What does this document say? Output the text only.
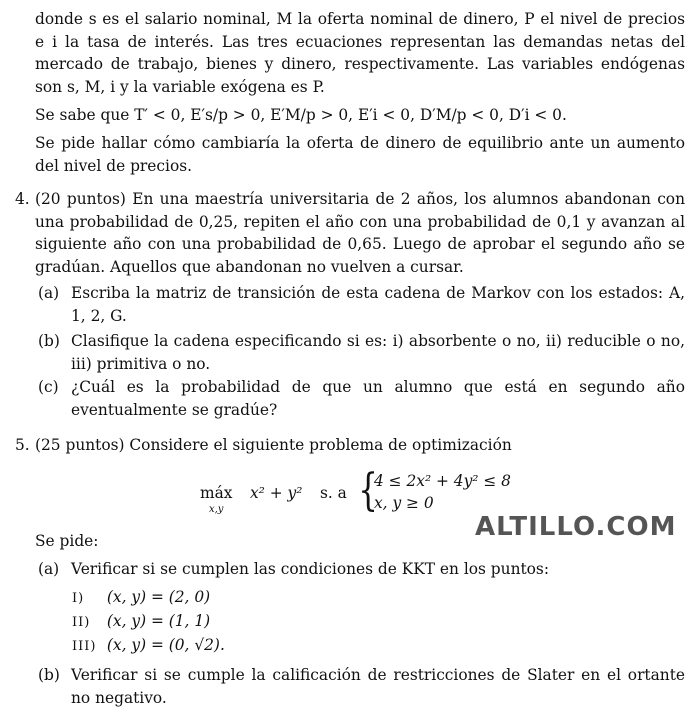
donde s es el salario nominal, M la oferta nominal de dinero, P el nivel de precios e i la tasa de interés. Las tres ecuaciones representan las demandas netas del mercado de trabajo, bienes y dinero, respectivamente. Las variables endógenas son s, M, i y la variable exógena es P.
Se sabe que T′ < 0, E′s/p > 0, E′M/p > 0, E′i < 0, D′M/p < 0, D′i < 0.
Se pide hallar cómo cambiaría la oferta de dinero de equilibrio ante un aumento del nivel de precios.
4. (20 puntos) En una maestría universitaria de 2 años, los alumnos abandonan con una probabilidad de 0,25, repiten el año con una probabilidad de 0,1 y avanzan al siguiente año con una probabilidad de 0,65. Luego de aprobar el segundo año se gradúan. Aquellos que abandonan no vuelven a cursar.
(a) Escriba la matriz de transición de esta cadena de Markov con los estados: A, 1, 2, G.
(b) Clasifique la cadena especificando si es: i) absorbente o no, ii) reducible o no, iii) primitiva o no.
(c) ¿Cuál es la probabilidad de que un alumno que está en segundo año eventualmente se gradúe?
5. (25 puntos) Considere el siguiente problema de optimización
máx
x,y
x² + y² s. a {
4 ≤ 2x² + 4y² ≤ 8
x, y ≥ 0
Se pide:	ALTILLO.COM
(a) Verificar si se cumplen las condiciones de KKT en los puntos:
I) (x, y) = (2, 0)
II) (x, y) = (1, 1)
III) (x, y) = (0, √2).
(b) Verificar si se cumple la calificación de restricciones de Slater en el ortante no negativo.
